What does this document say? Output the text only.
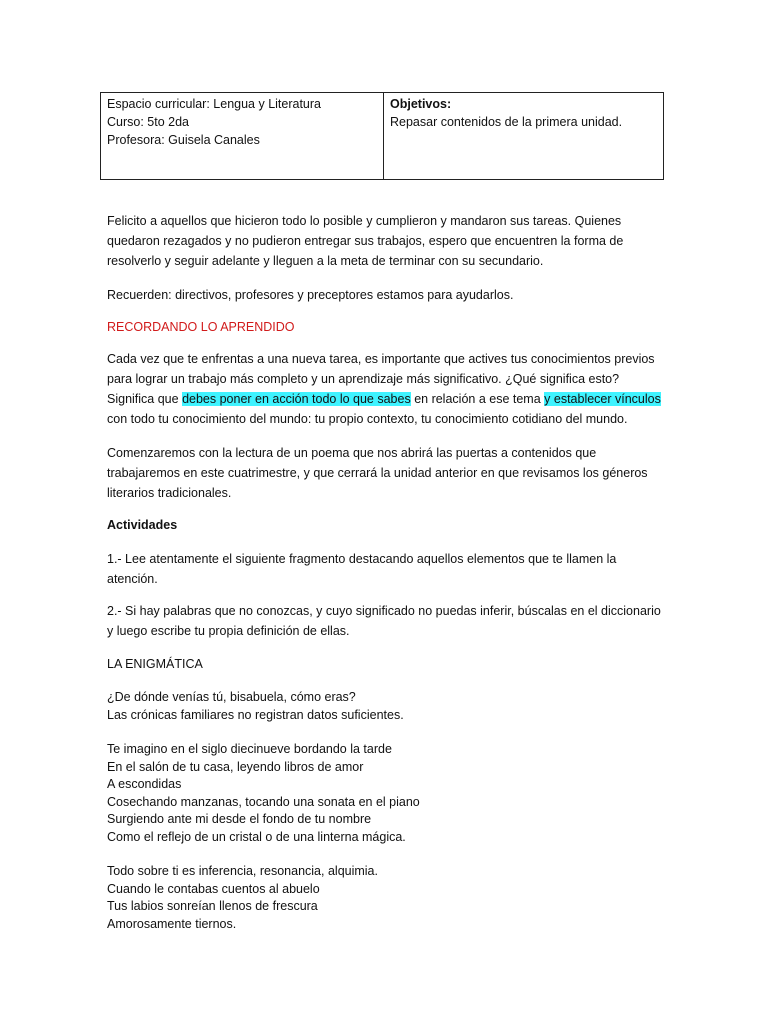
Espacio curricular: Lengua y Literatura
Curso: 5to 2da
Profesora: Guisela Canales

Objetivos:
Repasar contenidos de la primera unidad.
Felicito a aquellos que hicieron todo lo posible y cumplieron y mandaron sus tareas. Quienes
quedaron rezagados y no pudieron entregar sus trabajos, espero que encuentren la forma de
resolverlo y seguir adelante y lleguen a la meta de terminar con su secundario.
Recuerden: directivos, profesores y preceptores estamos para ayudarlos.
RECORDANDO LO APRENDIDO
Cada vez que te enfrentas a una nueva tarea, es importante que actives tus conocimientos previos
para lograr un trabajo más completo y un aprendizaje más significativo. ¿Qué significa esto?
Significa que debes poner en acción todo lo que sabes en relación a ese tema y establecer vínculos
con todo tu conocimiento del mundo: tu propio contexto, tu conocimiento cotidiano del mundo.
Comenzaremos con la lectura de un poema que nos abrirá las puertas a contenidos que
trabajaremos en este cuatrimestre, y que cerrará la unidad anterior en que revisamos los géneros
literarios tradicionales.
Actividades
1.- Lee atentamente el siguiente fragmento destacando aquellos elementos que te llamen la
atención.
2.- Si hay palabras que no conozcas, y cuyo significado no puedas inferir, búscalas en el diccionario
y luego escribe tu propia definición de ellas.
LA ENIGMÁTICA
¿De dónde venías tú, bisabuela, cómo eras?
Las crónicas familiares no registran datos suficientes.
Te imagino en el siglo diecinueve bordando la tarde
En el salón de tu casa, leyendo libros de amor
A escondidas
Cosechando manzanas, tocando una sonata en el piano
Surgiendo ante mi desde el fondo de tu nombre
Como el reflejo de un cristal o de una linterna mágica.
Todo sobre ti es inferencia, resonancia, alquimia.
Cuando le contabas cuentos al abuelo
Tus labios sonreían llenos de frescura
Amorosamente tiernos.
